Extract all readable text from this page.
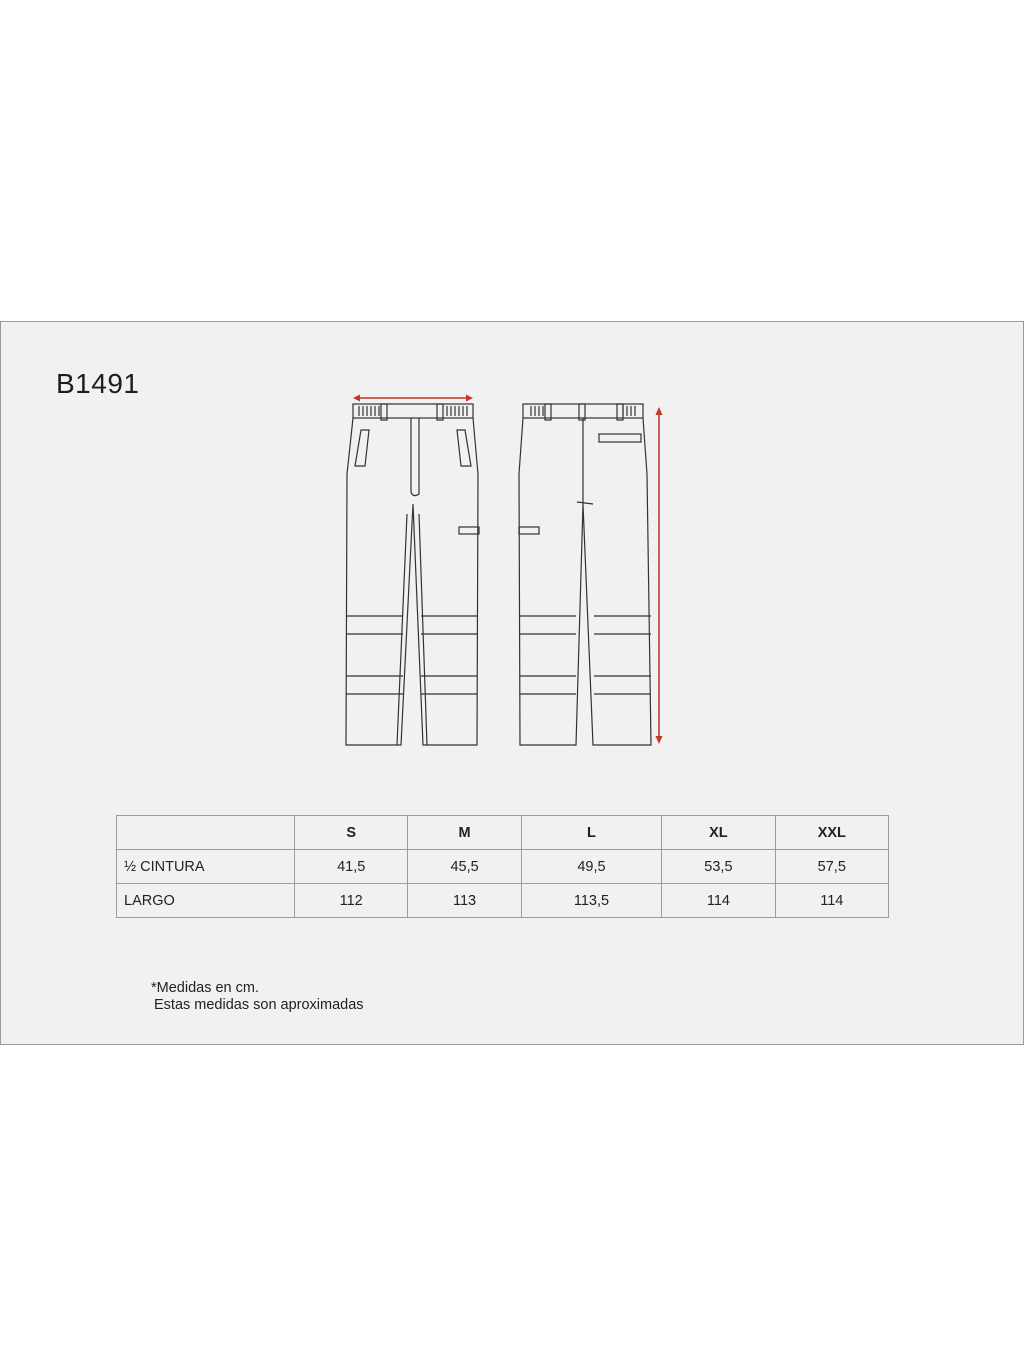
B1491
	S	M	L	XL	XXL
½ CINTURA	41,5	45,5	49,5	53,5	57,5
LARGO	112	113	113,5	114	114
*Medidas en cm.
Estas medidas son aproximadas
